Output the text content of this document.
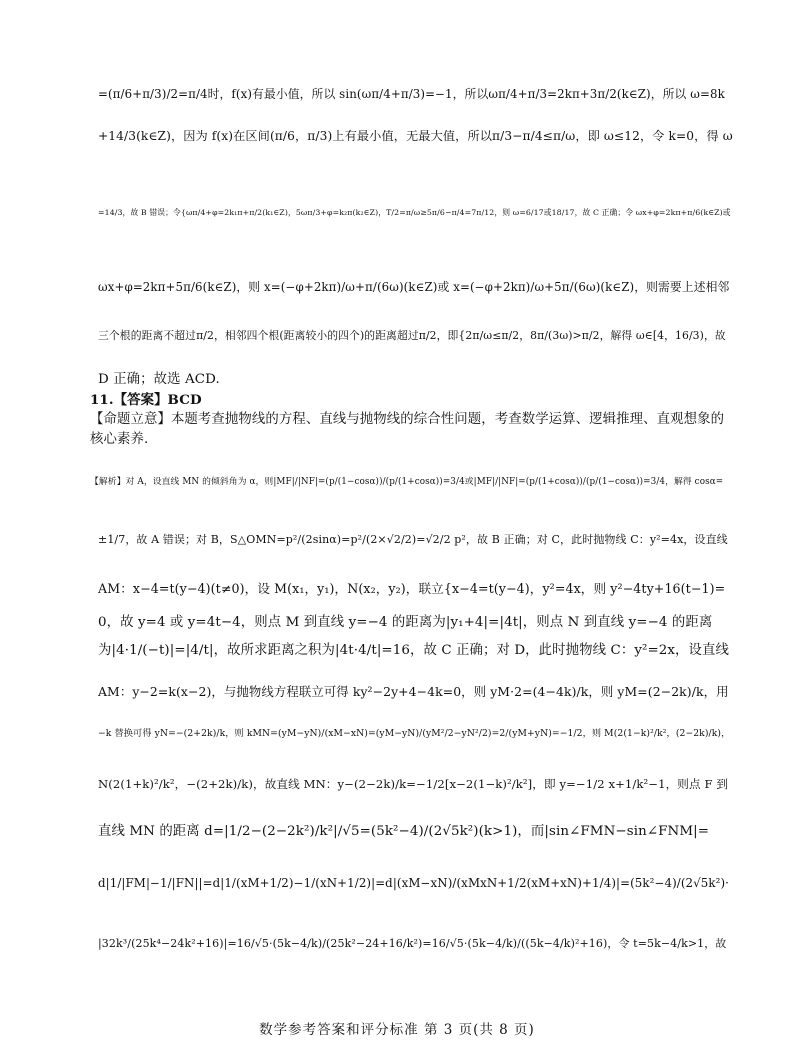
=(π/6+π/3)/2=π/4时，f(x)有最小值，所以 sin(ωπ/4+π/3)=−1，所以ωπ/4+π/3=2kπ+3π/2(k∈Z)，所以 ω=8k
+14/3(k∈Z)，因为 f(x)在区间(π/6，π/3)上有最小值，无最大值，所以π/3−π/4≤π/ω，即 ω≤12，令 k=0，得 ω
=14/3，故 B 错误；令{ωπ/4+φ=2k₁π+π/2(k₁∈Z)，5ωπ/3+φ=k₂π(k₂∈Z)，T/2=π/ω≥5π/6−π/4=7π/12，则 ω=6/17或18/17，故 C 正确；令 ωx+φ=2kπ+π/6(k∈Z)或
ωx+φ=2kπ+5π/6(k∈Z)，则 x=(−φ+2kπ)/ω+π/(6ω)(k∈Z)或 x=(−φ+2kπ)/ω+5π/(6ω)(k∈Z)，则需要上述相邻
三个根的距离不超过π/2，相邻四个根(距离较小的四个)的距离超过π/2，即{2π/ω≤π/2，8π/(3ω)>π/2，解得 ω∈[4，16/3)，故
D 正确；故选 ACD.
11.【答案】BCD
【命题立意】本题考查抛物线的方程、直线与抛物线的综合性问题，考查数学运算、逻辑推理、直观想象的
核心素养.
【解析】对 A，设直线 MN 的倾斜角为 α，则|MF|/|NF|=(p/(1−cosα))/(p/(1+cosα))=3/4或|MF|/|NF|=(p/(1+cosα))/(p/(1−cosα))=3/4，解得 cosα=
±1/7，故 A 错误；对 B，S△OMN=p²/(2sinα)=p²/(2×√2/2)=√2/2 p²，故 B 正确；对 C，此时抛物线 C：y²=4x，设直线
AM：x−4=t(y−4)(t≠0)，设 M(x₁，y₁)，N(x₂，y₂)，联立{x−4=t(y−4)，y²=4x，则 y²−4ty+16(t−1)=
0，故 y=4 或 y=4t−4，则点 M 到直线 y=−4 的距离为|y₁+4|=|4t|，则点 N 到直线 y=−4 的距离
为|4·1/(−t)|=|4/t|，故所求距离之积为|4t·4/t|=16，故 C 正确；对 D，此时抛物线 C：y²=2x，设直线
AM：y−2=k(x−2)，与抛物线方程联立可得 ky²−2y+4−4k=0，则 yM·2=(4−4k)/k，则 yM=(2−2k)/k，用
−k 替换可得 yN=−(2+2k)/k，则 kMN=(yM−yN)/(xM−xN)=(yM−yN)/(yM²/2−yN²/2)=2/(yM+yN)=−1/2，则 M(2(1−k)²/k²，(2−2k)/k)，
N(2(1+k)²/k²，−(2+2k)/k)，故直线 MN：y−(2−2k)/k=−1/2[x−2(1−k)²/k²]，即 y=−1/2 x+1/k²−1，则点 F 到
直线 MN 的距离 d=|1/2−(2−2k²)/k²|/√5=(5k²−4)/(2√5k²)(k>1)，而|sin∠FMN−sin∠FNM|=
d|1/|FM|−1/|FN||=d|1/(xM+1/2)−1/(xN+1/2)|=d|(xM−xN)/(xMxN+1/2(xM+xN)+1/4)|=(5k²−4)/(2√5k²)·
|32k³/(25k⁴−24k²+16)|=16/√5·(5k−4/k)/(25k²−24+16/k²)=16/√5·(5k−4/k)/((5k−4/k)²+16)，令 t=5k−4/k>1，故
数学参考答案和评分标准 第 3 页(共 8 页)
